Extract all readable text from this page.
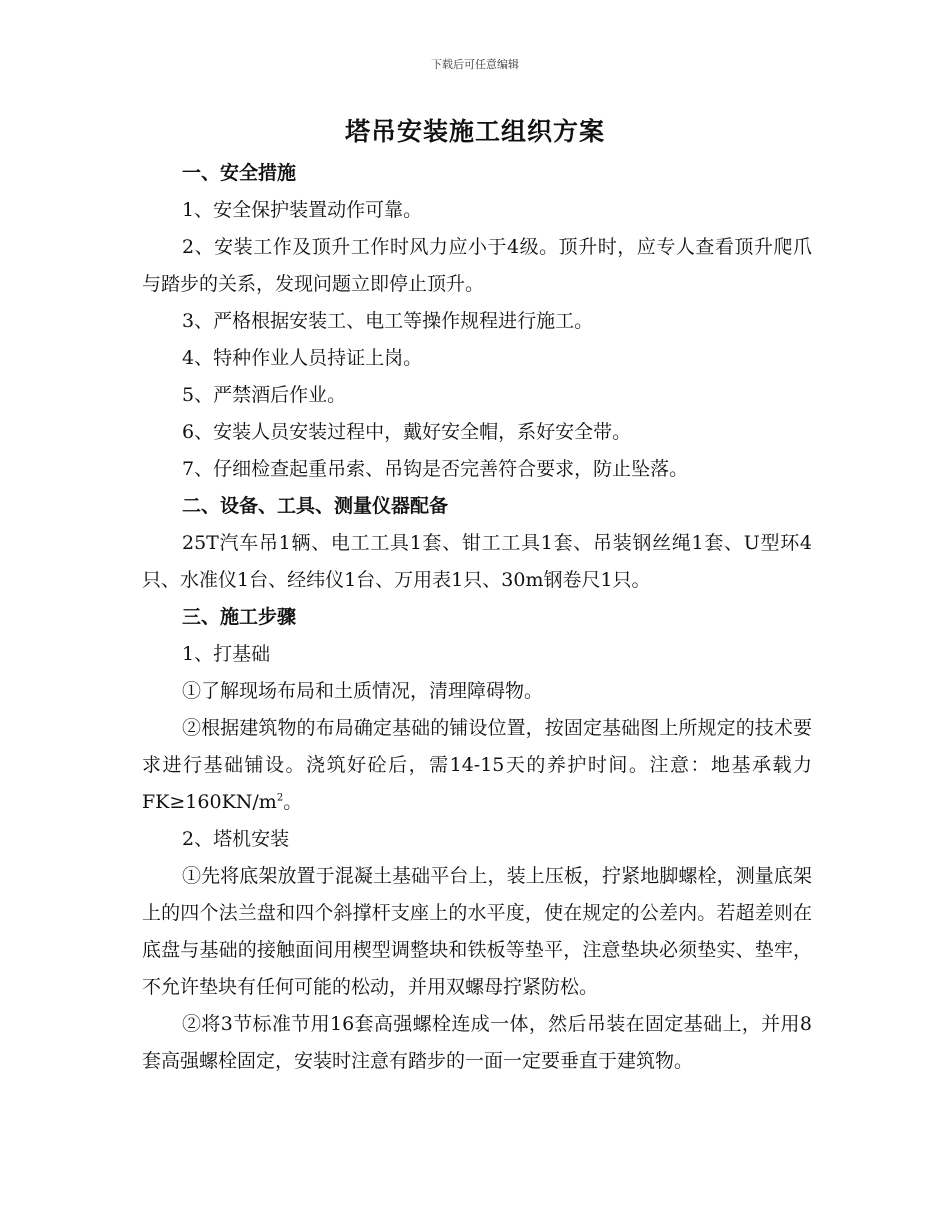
下载后可任意编辑
塔吊安装施工组织方案

一、安全措施

1、安全保护装置动作可靠。

2、安装工作及顶升工作时风力应小于4级。顶升时，应专人查看顶升爬爪与踏步的关系，发现问题立即停止顶升。

3、严格根据安装工、电工等操作规程进行施工。

4、特种作业人员持证上岗。

5、严禁酒后作业。

6、安装人员安装过程中，戴好安全帽，系好安全带。

7、仔细检查起重吊索、吊钩是否完善符合要求，防止坠落。

二、设备、工具、测量仪器配备

25T汽车吊1辆、电工工具1套、钳工工具1套、吊装钢丝绳1套、U型环4只、水准仪1台、经纬仪1台、万用表1只、30m钢卷尺1只。

三、施工步骤

1、打基础

①了解现场布局和土质情况，清理障碍物。

②根据建筑物的布局确定基础的铺设位置，按固定基础图上所规定的技术要求进行基础铺设。浇筑好砼后，需14-15天的养护时间。注意：地基承载力$FK\ge 160KN/m^2$。

2、塔机安装

①先将底架放置于混凝土基础平台上，装上压板，拧紧地脚螺栓，测量底架上的四个法兰盘和四个斜撑杆支座上的水平度，使在规定的公差内。若超差则在底盘与基础的接触面间用楔型调整块和铁板等垫平，注意垫块必须垫实、垫牢，不允许垫块有任何可能的松动，并用双螺母拧紧防松。

②将3节标准节用16套高强螺栓连成一体，然后吊装在固定基础上，并用8套高强螺栓固定，安装时注意有踏步的一面一定要垂直于建筑物。
